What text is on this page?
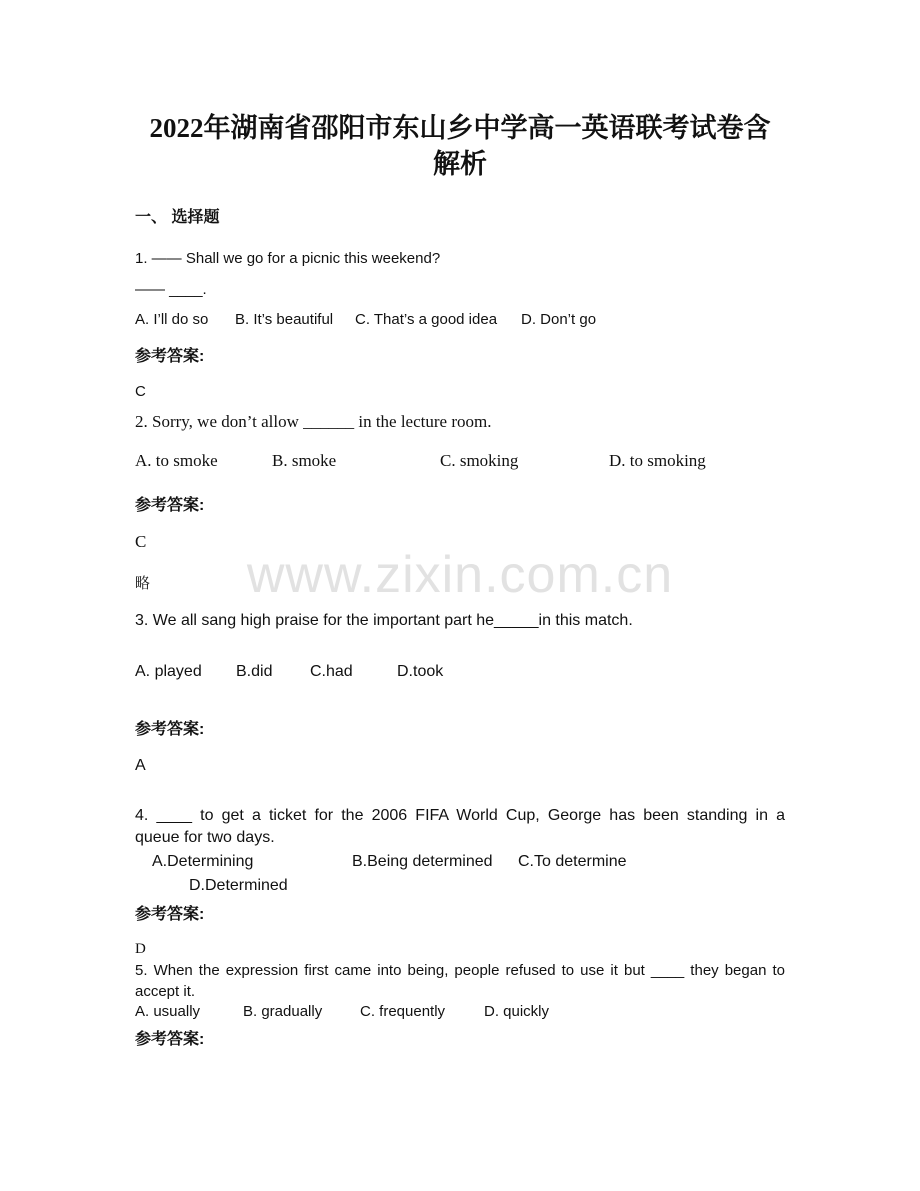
www.zixin.com.cn
2022年湖南省邵阳市东山乡中学高一英语联考试卷含
解析
一、 选择题
1. —— Shall we go for a picnic this weekend?
—— ____.
A. I’ll do so B. It’s beautiful C. That’s a good idea D. Don’t go
参考答案:
C
2. Sorry, we don’t allow ______ in the lecture room.
A. to smoke	B. smoke	C. smoking	D. to smoking
参考答案:
C
略
3. We all sang high praise for the important part he_____in this match.
A. played B.did C.had	D.took
参考答案:
A
4. ____ to get a ticket for the 2006 FIFA World Cup, George has been standing in a
queue for two days.
A.Determining	B.Being determined C.To determine
D.Determined
参考答案:
D
5. When the expression first came into being, people refused to use it but ____ they began to
accept it.
A. usually	B. gradually	C. frequently	D. quickly
参考答案:
